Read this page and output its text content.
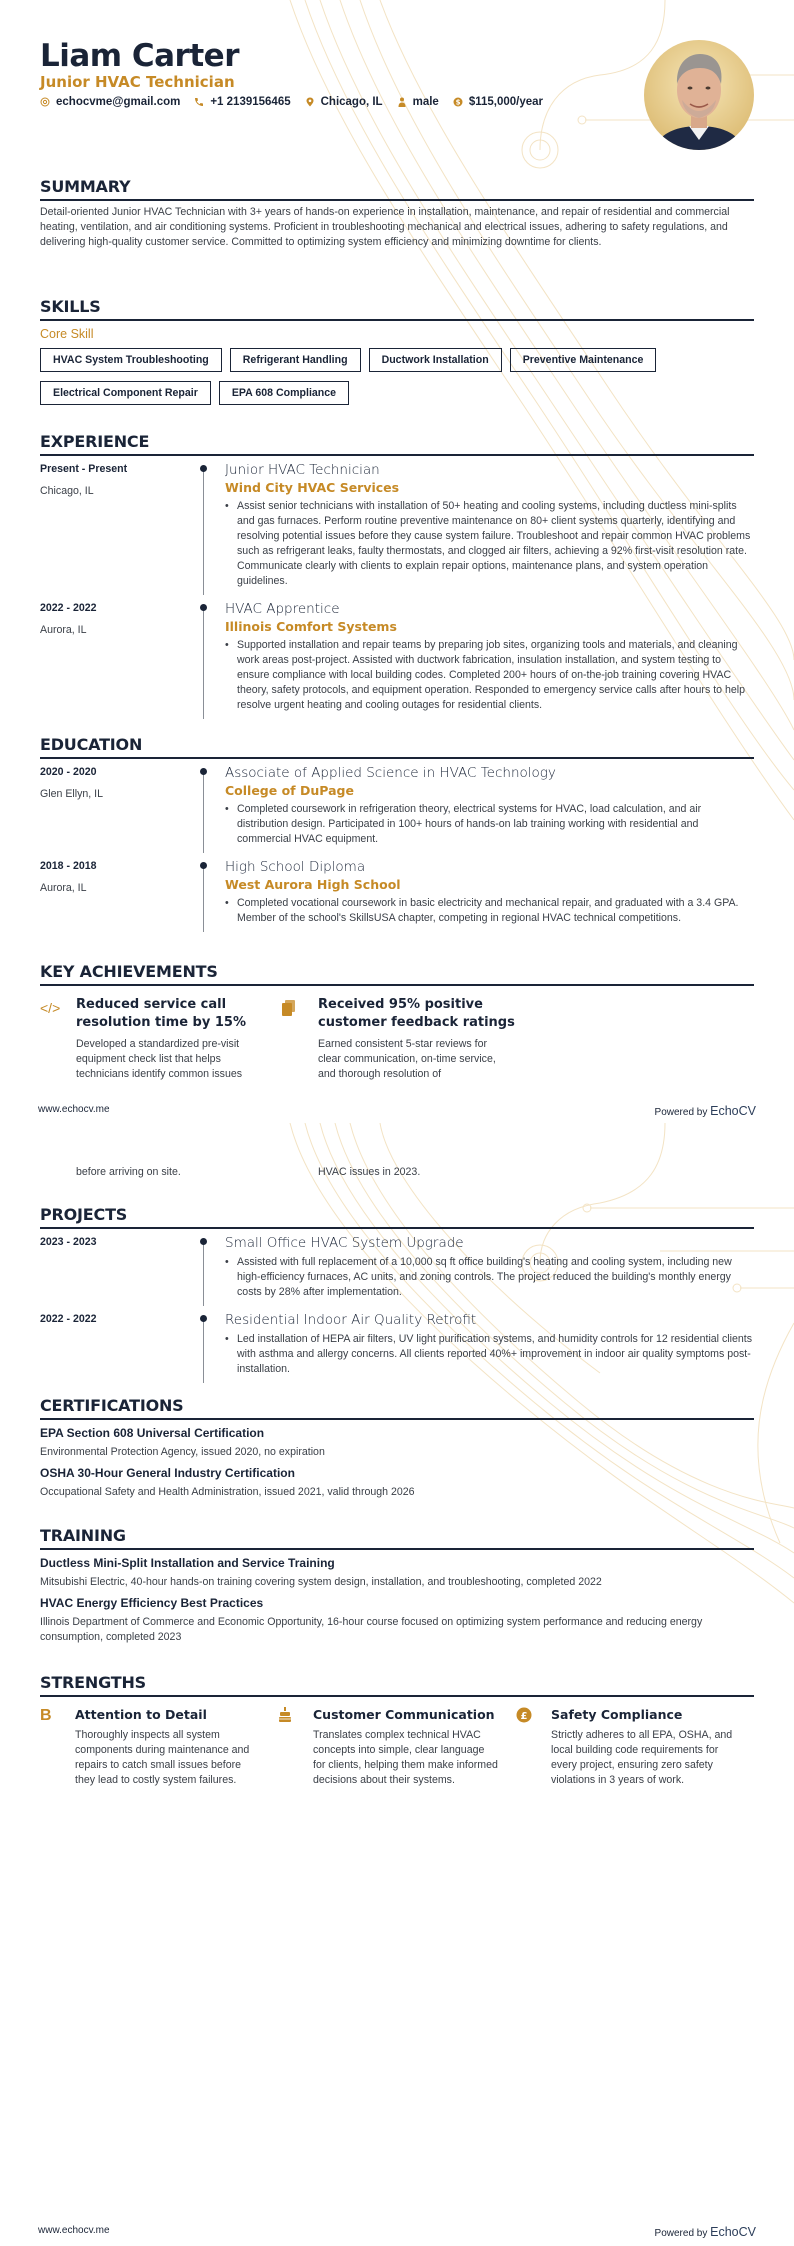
Liam Carter
Junior HVAC Technician
echocvme@gmail.com	+1 2139156465	Chicago, IL	male $ $115,000/year
SUMMARY

Detail-oriented Junior HVAC Technician with 3+ years of hands-on experience in installation, maintenance, and repair of residential and commercial heating, ventilation, and air conditioning systems. Proficient in troubleshooting mechanical and electrical issues, adhering to safety regulations, and delivering high-quality customer service. Committed to optimizing system efficiency and minimizing downtime for clients.

SKILLS
Core Skill
HVAC System Troubleshooting	Refrigerant Handling	Ductwork Installation	Preventive Maintenance
Electrical Component Repair	EPA 608 Compliance
EXPERIENCE
Present - Present
Chicago, IL
Junior HVAC Technician
Wind City HVAC Services
• Assist senior technicians with installation of 50+ heating and cooling systems, including ductless mini-splits and gas furnaces. Perform routine preventive maintenance on 80+ client systems quarterly, identifying and resolving potential issues before they cause system failure. Troubleshoot and repair common HVAC problems such as refrigerant leaks, faulty thermostats, and clogged air filters, achieving a 92% first-visit resolution rate. Communicate clearly with clients to explain repair options, maintenance plans, and system operation guidelines.
2022 - 2022
Aurora, IL
HVAC Apprentice
Illinois Comfort Systems
• Supported installation and repair teams by preparing job sites, organizing tools and materials, and cleaning work areas post-project. Assisted with ductwork fabrication, insulation installation, and system testing to ensure compliance with local building codes. Completed 200+ hours of on-the-job training covering HVAC theory, safety protocols, and equipment operation. Responded to emergency service calls after hours to help resolve urgent heating and cooling outages for residential clients.
EDUCATION
2020 - 2020
Glen Ellyn, IL
Associate of Applied Science in HVAC Technology
College of DuPage
• Completed coursework in refrigeration theory, electrical systems for HVAC, load calculation, and air distribution design. Participated in 100+ hours of hands-on lab training working with residential and commercial HVAC equipment.
2018 - 2018
Aurora, IL
High School Diploma
West Aurora High School
• Completed vocational coursework in basic electricity and mechanical repair, and graduated with a 3.4 GPA. Member of the school's SkillsUSA chapter, competing in regional HVAC technical competitions.
KEY ACHIEVEMENTS
</>	Reduced service call resolution time by 15%
Developed a standardized pre-visit equipment check list that helps technicians identify common issues
Received 95% positive customer feedback ratings
Earned consistent 5-star reviews for clear communication, on-time service, and thorough resolution of
www.echocv.me	Powered by EchoCV
before arriving on site.	HVAC issues in 2023.
PROJECTS
2023 - 2023	Small Office HVAC System Upgrade
• Assisted with full replacement of a 10,000 sq ft office building's heating and cooling system, including new high-efficiency furnaces, AC units, and zoning controls. The project reduced the building's monthly energy costs by 28% after implementation.
2022 - 2022	Residential Indoor Air Quality Retrofit
• Led installation of HEPA air filters, UV light purification systems, and humidity controls for 12 residential clients with asthma and allergy concerns. All clients reported 40%+ improvement in indoor air quality symptoms post-installation.
CERTIFICATIONS
EPA Section 608 Universal Certification
Environmental Protection Agency, issued 2020, no expiration
OSHA 30-Hour General Industry Certification
Occupational Safety and Health Administration, issued 2021, valid through 2026
TRAINING
Ductless Mini-Split Installation and Service Training
Mitsubishi Electric, 40-hour hands-on training covering system design, installation, and troubleshooting, completed 2022
HVAC Energy Efficiency Best Practices
Illinois Department of Commerce and Economic Opportunity, 16-hour course focused on optimizing system performance and reducing energy consumption, completed 2023
STRENGTHS
B	Attention to Detail
Thoroughly inspects all system components during maintenance and repairs to catch small issues before they lead to costly system failures.
Customer Communication
Translates complex technical HVAC concepts into simple, clear language for clients, helping them make informed decisions about their systems.
£ Safety Compliance
Strictly adheres to all EPA, OSHA, and local building code requirements for every project, ensuring zero safety violations in 3 years of work.
www.echocv.me	Powered by EchoCV
